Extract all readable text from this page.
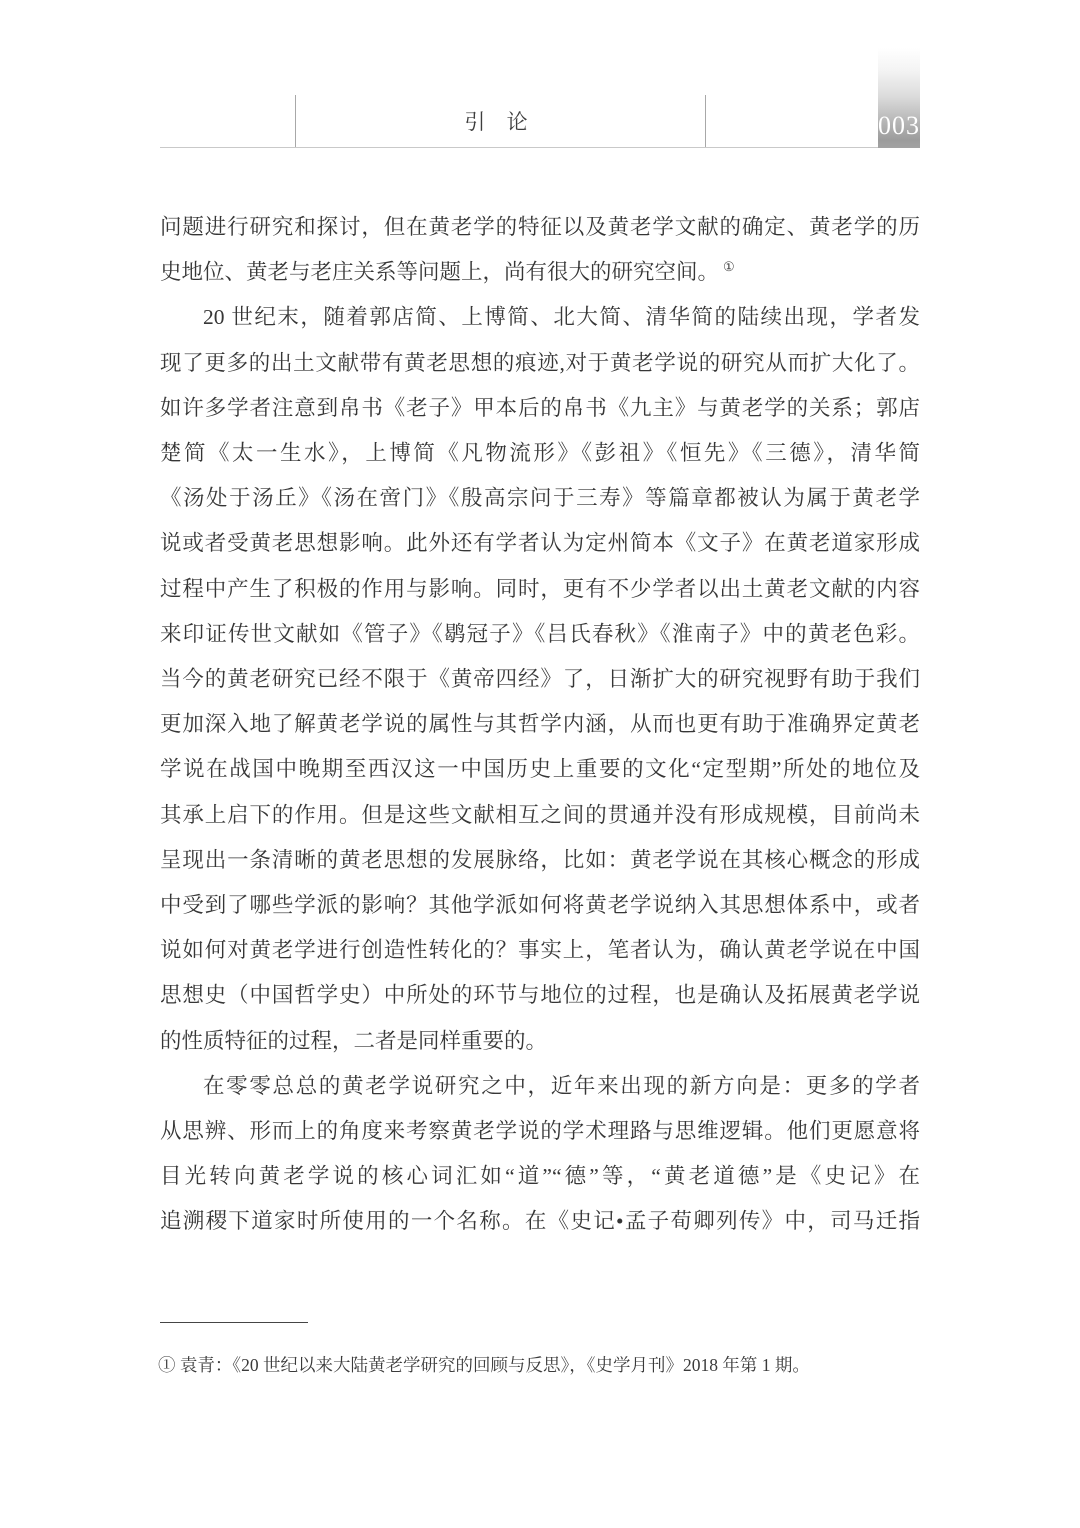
引 论	003
问题进行研究和探讨，但在黄老学的特征以及黄老学文献的确定、黄老学的历
史地位、黄老与老庄关系等问题上，尚有很大的研究空间。 ①
20 世纪末，随着郭店简、上博简、北大简、清华简的陆续出现，学者发
现了更多的出土文献带有黄老思想的痕迹,对于黄老学说的研究从而扩大化了。
如许多学者注意到帛书《老子》甲本后的帛书《九主》与黄老学的关系；郭店
楚简《太一生水》，上博简《凡物流形》《彭祖》《恒先》《三德》，清华简
《汤处于汤丘》《汤在啻门》《殷高宗问于三寿》等篇章都被认为属于黄老学
说或者受黄老思想影响。此外还有学者认为定州简本《文子》在黄老道家形成
过程中产生了积极的作用与影响。同时，更有不少学者以出土黄老文献的内容
来印证传世文献如《管子》《鹖冠子》《吕氏春秋》《淮南子》中的黄老色彩。
当今的黄老研究已经不限于《黄帝四经》了，日渐扩大的研究视野有助于我们
更加深入地了解黄老学说的属性与其哲学内涵，从而也更有助于准确界定黄老
学说在战国中晚期至西汉这一中国历史上重要的文化“定型期”所处的地位及
其承上启下的作用。但是这些文献相互之间的贯通并没有形成规模，目前尚未
呈现出一条清晰的黄老思想的发展脉络，比如：黄老学说在其核心概念的形成
中受到了哪些学派的影响？其他学派如何将黄老学说纳入其思想体系中，或者
说如何对黄老学进行创造性转化的？事实上，笔者认为，确认黄老学说在中国
思想史（中国哲学史）中所处的环节与地位的过程，也是确认及拓展黄老学说
的性质特征的过程，二者是同样重要的。
在零零总总的黄老学说研究之中，近年来出现的新方向是：更多的学者
从思辨、形而上的角度来考察黄老学说的学术理路与思维逻辑。他们更愿意将
目光转向黄老学说的核心词汇如“道”“德”等，“黄老道德”是《史记》在
追溯稷下道家时所使用的一个名称。在《史记•孟子荀卿列传》中，司马迁指
① 袁青：《20 世纪以来大陆黄老学研究的回顾与反思》，《史学月刊》2018 年第 1 期。
